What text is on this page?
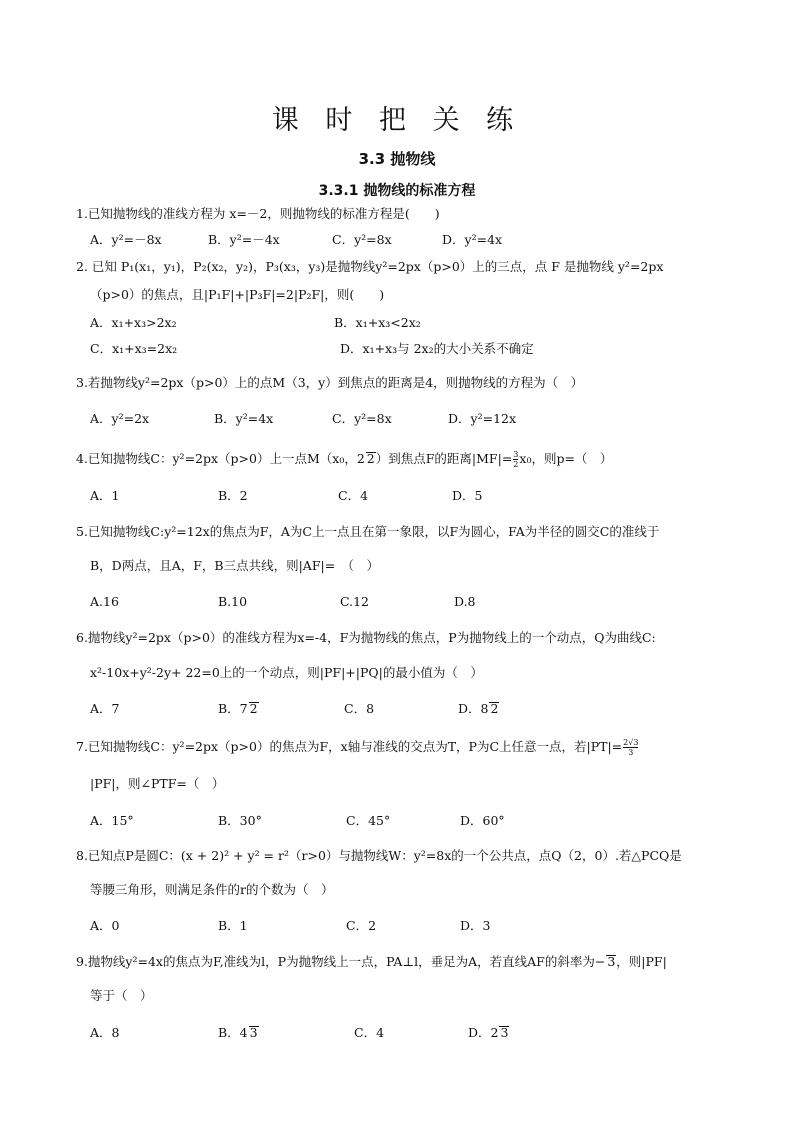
课 时 把 关 练
3.3 抛物线
3.3.1 抛物线的标准方程
1.已知抛物线的准线方程为 x=－2，则抛物线的标准方程是(　　)
A．y²=－8x	B．y²=－4x	C．y²=8x	D．y²=4x
2. 已知 P₁(x₁，y₁)，P₂(x₂，y₂)，P₃(x₃，y₃)是抛物线y²=2px（p>0）上的三点，点 F 是抛物线 y²=2px
（p>0）的焦点，且|P₁F|+|P₃F|=2|P₂F|，则(　　)
A．x₁+x₃>2x₂	B．x₁+x₃<2x₂
C．x₁+x₃=2x₂	D．x₁+x₃与 2x₂的大小关系不确定
3.若抛物线y²=2px（p>0）上的点M（3，y）到焦点的距离是4，则抛物线的方程为（　）
A．y²=2x	B．y²=4x	C．y²=8x	D．y²=12x
4.已知抛物线C：y²=2px（p>0）上一点M（x₀，2 2）到焦点F的距离$|MF|= \frac{3}{2} x_0$，则p=（　）
A．1	B．2	C．4	D．5
5.已知抛物线C:y²=12x的焦点为F，A为C上一点且在第一象限，以F为圆心，FA为半径的圆交C的准线于
B，D两点，且A，F，B三点共线，则|AF|=　（　）
A.16	B.10	C.12	D.8
6.抛物线y²=2px（p>0）的准线方程为x=-4，F为抛物线的焦点，P为抛物线上的一个动点，Q为曲线C:
x²-10x+y²-2y+ 22=0上的一个动点，则|PF|+|PQ|的最小值为（　）
A．7	B．7 2	C．8	D．8 2
7.已知抛物线C：y²=2px（p>0）的焦点为F，x轴与准线的交点为T，P为C上任意一点，若$|PT|= \frac{2√3}{3}$
|PF|，则∠PTF=（　）
A．15°	B．30°	C．45°	D．60°
8.已知点P是圆C：(x + 2)² + y² = r²（r>0）与抛物线W：y²=8x的一个公共点，点Q（2，0）.若△PCQ是
等腰三角形，则满足条件的r的个数为（　）
A．0	B．1	C．2	D．3
9.抛物线y²=4x的焦点为F,准线为l，P为抛物线上一点，PA⊥l，垂足为A，若直线AF的斜率为− 3，则|PF|
等于（　）
A．8	B．4 3	C．4	D．2 3
